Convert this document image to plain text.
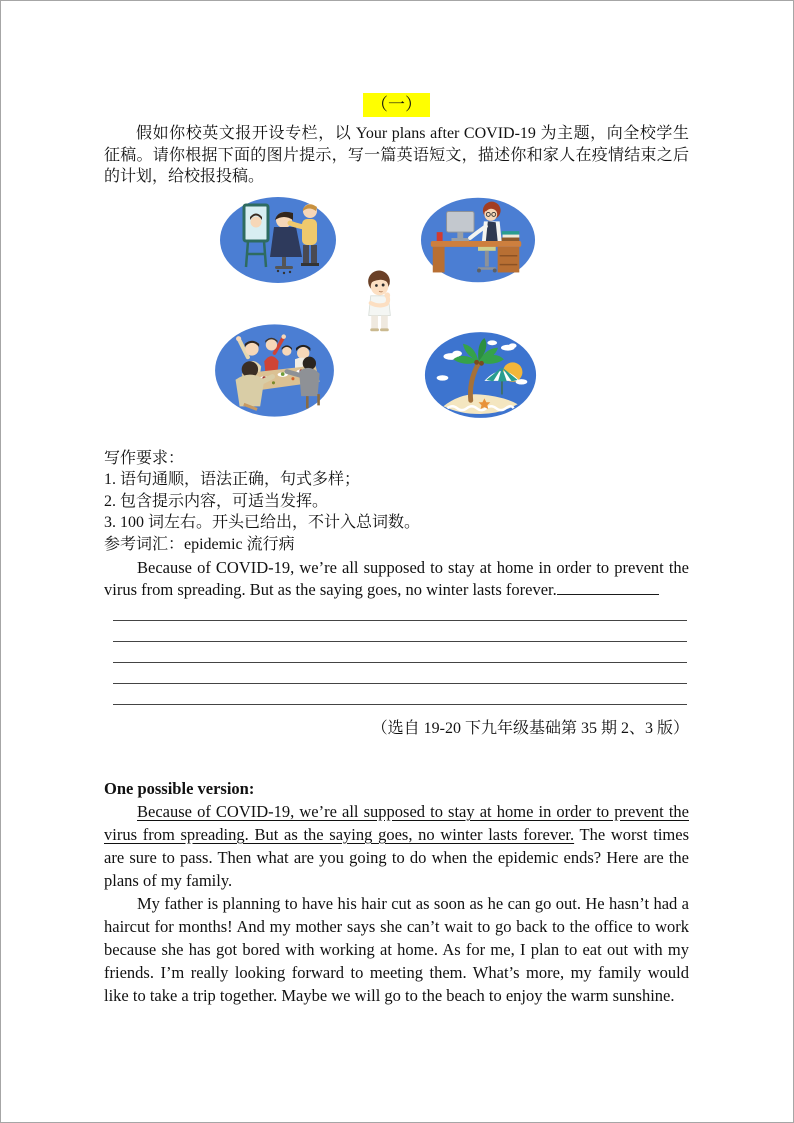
（一）

假如你校英文报开设专栏，以 Your plans after COVID-19 为主题，向全校学生征稿。请你根据下面的图片提示，写一篇英语短文，描述你和家人在疫情结束之后的计划，给校报投稿。

写作要求：
1. 语句通顺，语法正确，句式多样；
2. 包含提示内容，可适当发挥。
3. 100 词左右。开头已给出，不计入总词数。
参考词汇：epidemic 流行病

Because of COVID-19, we’re all supposed to stay at home in order to prevent the virus from spreading. But as the saying goes, no winter lasts forever.

（选自 19-20 下九年级基础第 35 期 2、3 版）
One possible version:

Because of COVID-19, we’re all supposed to stay at home in order to prevent the virus from spreading. But as the saying goes, no winter lasts forever. The worst times are sure to pass. Then what are you going to do when the epidemic ends? Here are the plans of my family.

My father is planning to have his hair cut as soon as he can go out. He hasn’t had a haircut for months! And my mother says she can’t wait to go back to the office to work because she has got bored with working at home. As for me, I plan to eat out with my friends. I’m really looking forward to meeting them. What’s more, my family would like to take a trip together. Maybe we will go to the beach to enjoy the warm sunshine.
